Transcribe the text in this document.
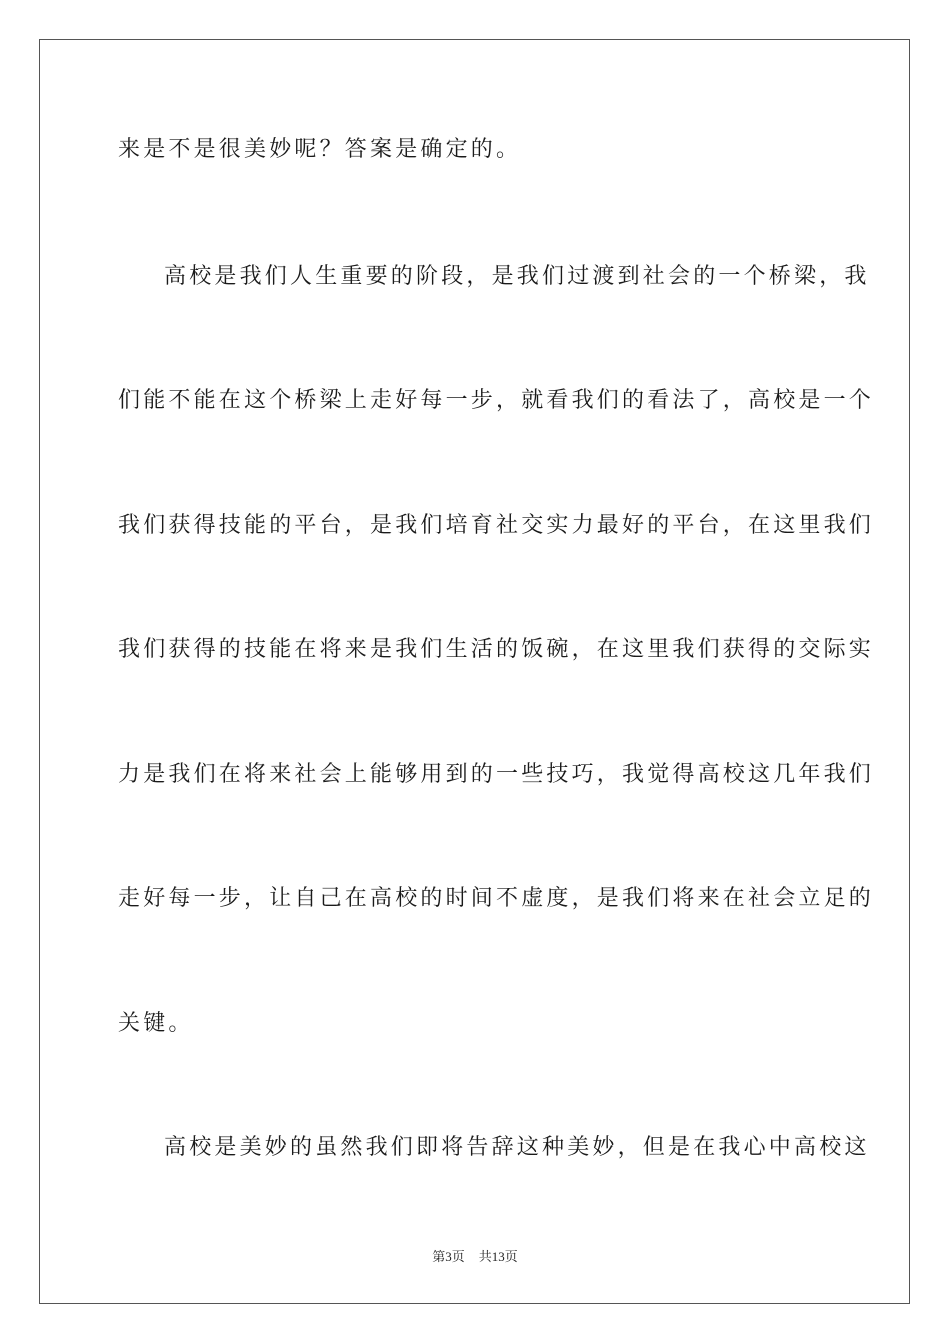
来是不是很美妙呢？答案是确定的。
高校是我们人生重要的阶段，是我们过渡到社会的一个桥梁，我
们能不能在这个桥梁上走好每一步，就看我们的看法了，高校是一个
我们获得技能的平台，是我们培育社交实力最好的平台，在这里我们
我们获得的技能在将来是我们生活的饭碗，在这里我们获得的交际实
力是我们在将来社会上能够用到的一些技巧，我觉得高校这几年我们
走好每一步，让自己在高校的时间不虚度，是我们将来在社会立足的
关键。
高校是美妙的虽然我们即将告辞这种美妙，但是在我心中高校这
第3页 共13页
